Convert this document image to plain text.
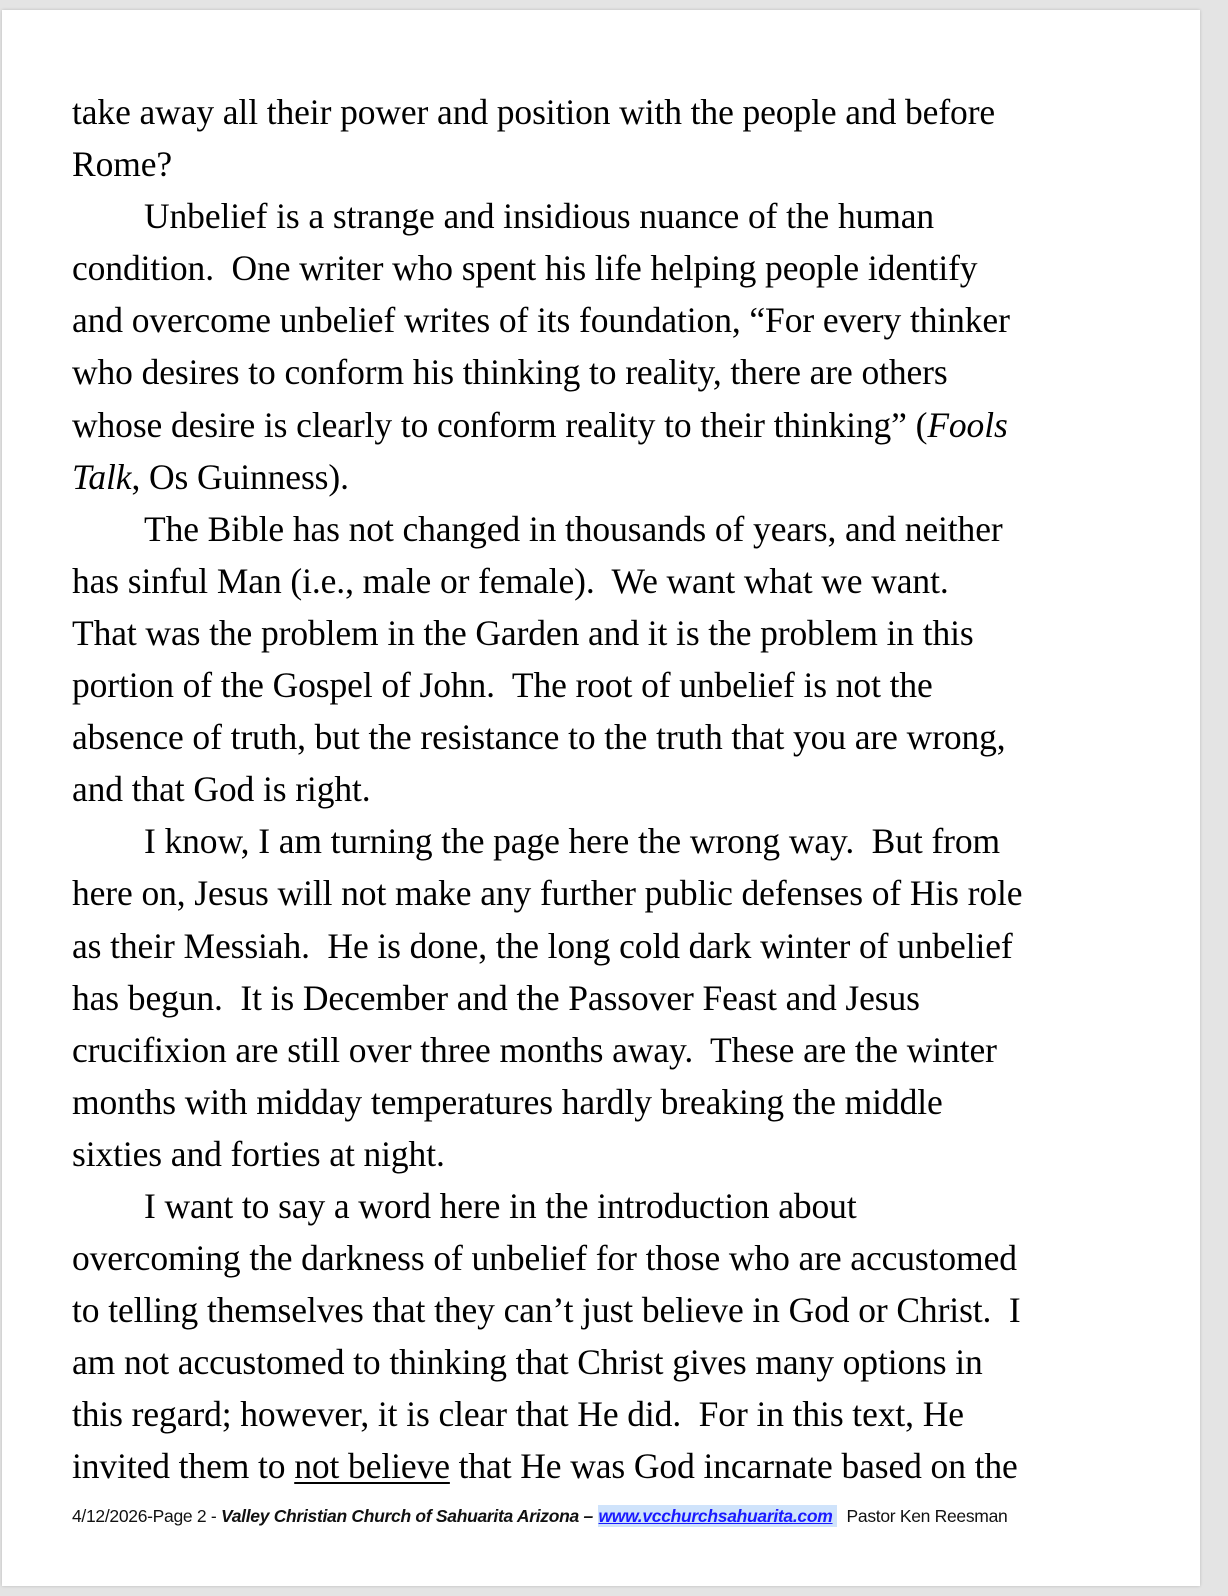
take away all their power and position with the people and before
Rome?
Unbelief is a strange and insidious nuance of the human
condition.  One writer who spent his life helping people identify
and overcome unbelief writes of its foundation, “For every thinker
who desires to conform his thinking to reality, there are others
whose desire is clearly to conform reality to their thinking” (Fools
Talk, Os Guinness).
The Bible has not changed in thousands of years, and neither
has sinful Man (i.e., male or female).  We want what we want.
That was the problem in the Garden and it is the problem in this
portion of the Gospel of John.  The root of unbelief is not the
absence of truth, but the resistance to the truth that you are wrong,
and that God is right.
I know, I am turning the page here the wrong way.  But from
here on, Jesus will not make any further public defenses of His role
as their Messiah.  He is done, the long cold dark winter of unbelief
has begun.  It is December and the Passover Feast and Jesus
crucifixion are still over three months away.  These are the winter
months with midday temperatures hardly breaking the middle
sixties and forties at night.
I want to say a word here in the introduction about
overcoming the darkness of unbelief for those who are accustomed
to telling themselves that they can’t just believe in God or Christ.  I
am not accustomed to thinking that Christ gives many options in
this regard; however, it is clear that He did.  For in this text, He
invited them to not believe that He was God incarnate based on the
4/12/2026-Page 2 - Valley Christian Church of Sahuarita Arizona – www.vcchurchsahuarita.com Pastor Ken Reesman
